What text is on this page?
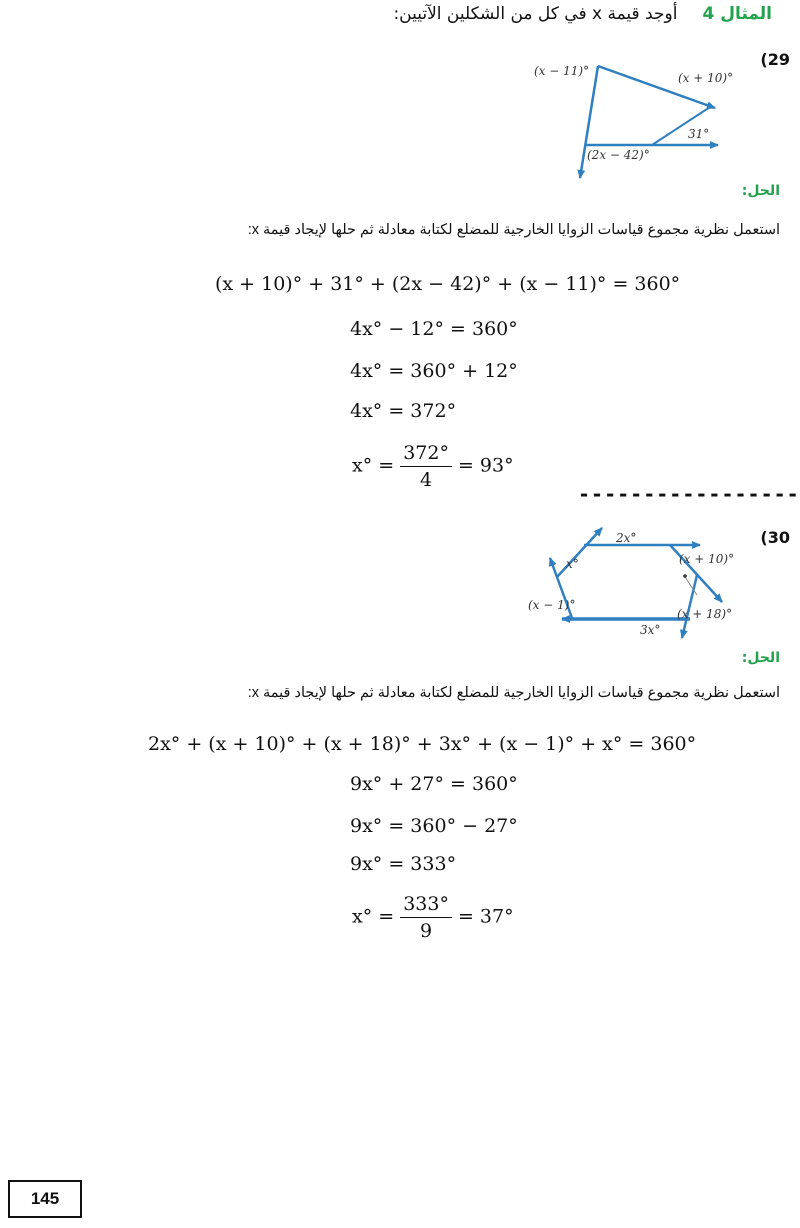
المثال 4 أوجد قيمة x في كل من الشكلين الآتيين:
(29
(x − 11)°	(x + 10)°
31°
(2x − 42)°
الحل:
استعمل نظرية مجموع قياسات الزوايا الخارجية للمضلع لكتابة معادلة ثم حلها لإيجاد قيمة x:
(x + 10)° + 31° + (2x − 42)° + (x − 11)° = 360°
4x° − 12° = 360°
4x° = 360° + 12°
4x° = 372°
$x^\circ = \frac{372^\circ}{4} = 93^\circ$
-----------------
(30
2x°
x°	(x + 10)°
(x − 1)°
(x + 18)°
3x°
الحل:
استعمل نظرية مجموع قياسات الزوايا الخارجية للمضلع لكتابة معادلة ثم حلها لإيجاد قيمة x:
2x° + (x + 10)° + (x + 18)° + 3x° + (x − 1)° + x° = 360°
9x° + 27° = 360°
9x° = 360° − 27°
9x° = 333°
$x^\circ = \frac{333^\circ}{9} = 37^\circ$
145
